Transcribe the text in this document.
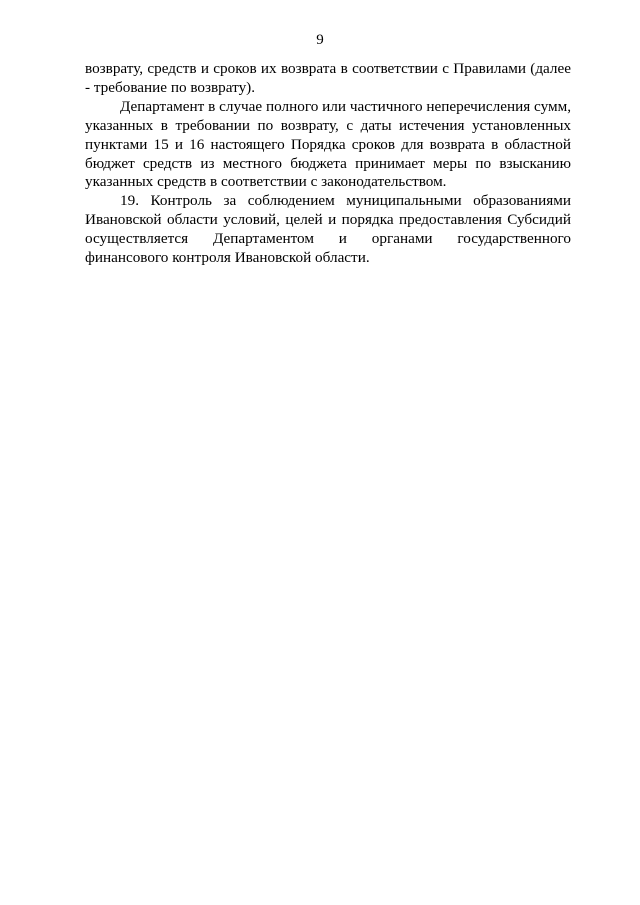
9

возврату, средств и сроков их возврата в соответствии с Правилами (далее - требование по возврату).

Департамент в случае полного или частичного неперечисления сумм, указанных в требовании по возврату, с даты истечения установленных пунктами 15 и 16 настоящего Порядка сроков для возврата в областной бюджет средств из местного бюджета принимает меры по взысканию указанных средств в соответствии с законодательством.

19. Контроль за соблюдением муниципальными образованиями Ивановской области условий, целей и порядка предоставления Субсидий осуществляется Департаментом и органами государственного финансового контроля Ивановской области.
